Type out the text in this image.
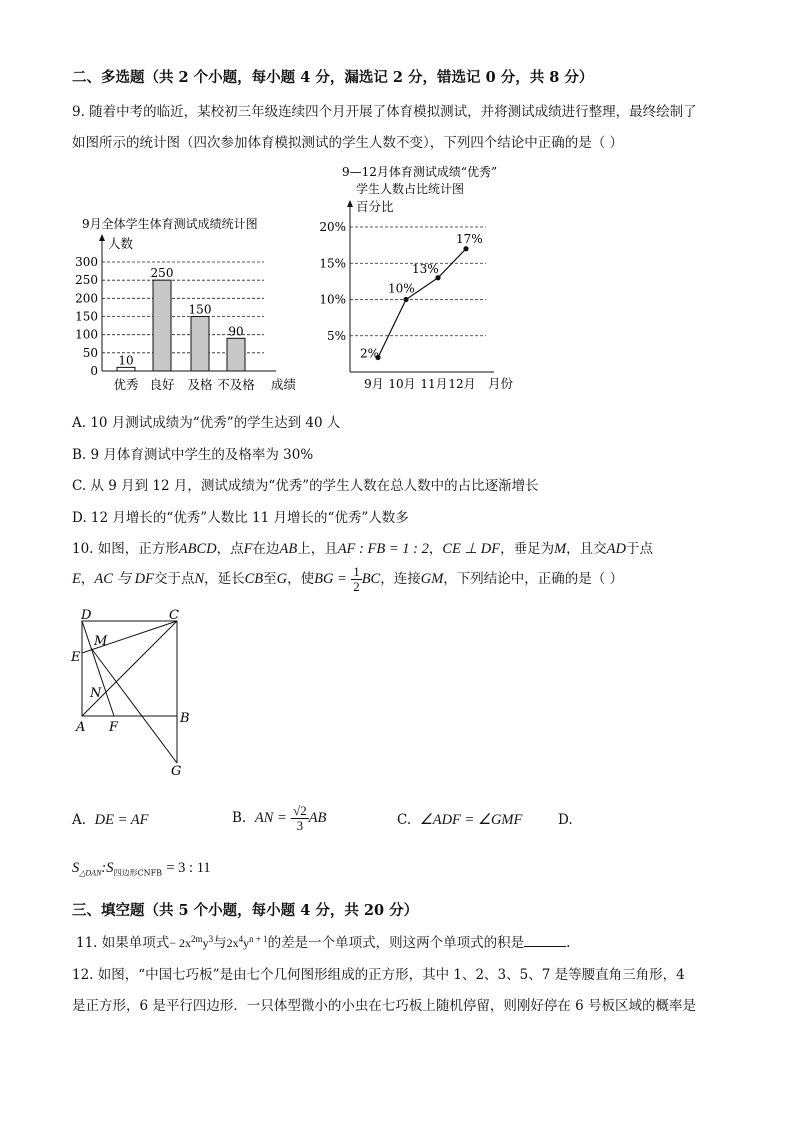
二、多选题（共 2 个小题，每小题 4 分，漏选记 2 分，错选记 0 分，共 8 分）
9. 随着中考的临近，某校初三年级连续四个月开展了体育模拟测试，并将测试成绩进行整理，最终绘制了
如图所示的统计图（四次参加体育模拟测试的学生人数不变），下列四个结论中正确的是（ ）
9月全体学生体育测试成绩统计图
人数
0
50
100
150
200
250
300
10
优秀
250
良好
150
及格
90
不及格 成绩
9—12月体育测试成绩“优秀”
学生人数占比统计图
百分比
5%
10%
15%
20%
2%
9月
10%
10月
13%
11月
17%
12月 月份
A. 10 月测试成绩为“优秀”的学生达到 40 人
B. 9 月体育测试中学生的及格率为 30%
C. 从 9 月到 12 月，测试成绩为“优秀”的学生人数在总人数中的占比逐渐增长
D. 12 月增长的“优秀”人数比 11 月增长的“优秀”人数多
10. 如图，正方形ABCD，点F在边AB上，且AF : FB = 1 : 2，CE ⊥ DF，垂足为M，且交AD于点
E，AC 与 DF交于点N，延长CB至G，使BG = $\frac{1}{2}$ BC，连接GM，下列结论中，正确的是（ ）
D	C
M
E
N
A F
B
G
A. DE = AF	B. AN = $\frac{√2}{3}$ AB	C. ∠ADF = ∠GMF	D.
$S_{\triangle DAN}:S_{四边形CNFB} = 3$ : 11
三、填空题（共 5 个小题，每小题 4 分，共 20 分）
11. 如果单项式− $2x^{2m}y^3$与$2x^4y^{n + 1}$的差是一个单项式，则这两个单项式的积是	.
12. 如图，“中国七巧板”是由七个几何图形组成的正方形，其中 1、2、3、5、7 是等腰直角三角形，4
是正方形，6 是平行四边形．一只体型微小的小虫在七巧板上随机停留，则刚好停在 6 号板区域的概率是
